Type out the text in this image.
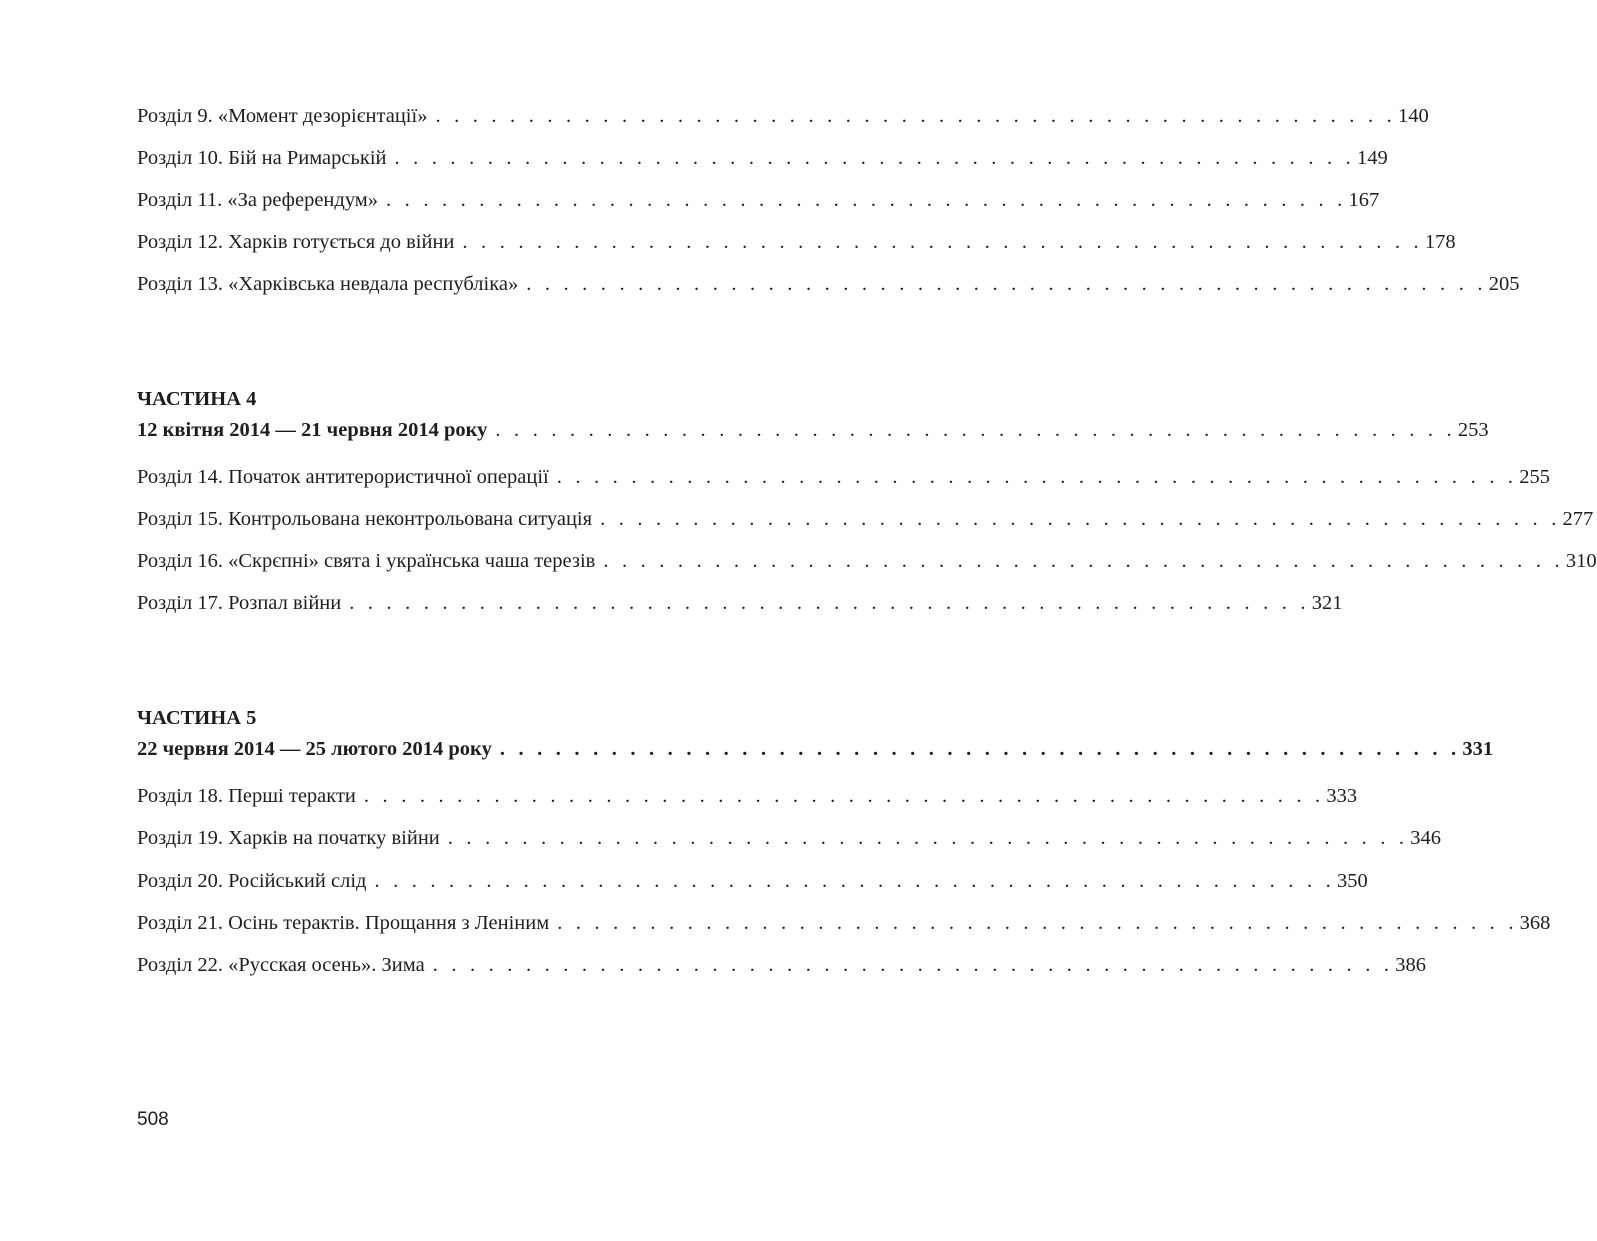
Розділ 9. «Момент дезорієнтації» . . . . . . . . . . . . . . . . . . . . . . . . . . . . . . . . . . . . . . . . . . . . . . . . . . . . 140
Розділ 10. Бій на Римарській . . . . . . . . . . . . . . . . . . . . . . . . . . . . . . . . . . . . . . . . . . . . . . . . . . . . 149
Розділ 11. «За референдум» . . . . . . . . . . . . . . . . . . . . . . . . . . . . . . . . . . . . . . . . . . . . . . . . . . . . 167
Розділ 12. Харків готується до війни . . . . . . . . . . . . . . . . . . . . . . . . . . . . . . . . . . . . . . . . . . . . . . . . . . . . 178
Розділ 13. «Харківська невдала республіка» . . . . . . . . . . . . . . . . . . . . . . . . . . . . . . . . . . . . . . . . . . . . . . . . . . . . 205
ЧАСТИНА 4
12 квітня 2014 — 21 червня 2014 року . . . . . . . . . . . . . . . . . . . . . . . . . . . . . . . . . . . . . . . . . . . . . . . . . . . . 253
Розділ 14. Початок антитерористичної операції . . . . . . . . . . . . . . . . . . . . . . . . . . . . . . . . . . . . . . . . . . . . . . . . . . . . 255
Розділ 15. Контрольована неконтрольована ситуація . . . . . . . . . . . . . . . . . . . . . . . . . . . . . . . . . . . . . . . . . . . . . . . . . . . . 277
Розділ 16. «Скрєпні» свята і українська чаша терезів . . . . . . . . . . . . . . . . . . . . . . . . . . . . . . . . . . . . . . . . . . . . . . . . . . . . 310
Розділ 17. Розпал війни . . . . . . . . . . . . . . . . . . . . . . . . . . . . . . . . . . . . . . . . . . . . . . . . . . . . 321
ЧАСТИНА 5
22 червня 2014 — 25 лютого 2014 року . . . . . . . . . . . . . . . . . . . . . . . . . . . . . . . . . . . . . . . . . . . . . . . . . . . . 331
Розділ 18. Перші теракти . . . . . . . . . . . . . . . . . . . . . . . . . . . . . . . . . . . . . . . . . . . . . . . . . . . . 333
Розділ 19. Харків на початку війни . . . . . . . . . . . . . . . . . . . . . . . . . . . . . . . . . . . . . . . . . . . . . . . . . . . . 346
Розділ 20. Російський слід . . . . . . . . . . . . . . . . . . . . . . . . . . . . . . . . . . . . . . . . . . . . . . . . . . . . 350
Розділ 21. Осінь терактів. Прощання з Леніним . . . . . . . . . . . . . . . . . . . . . . . . . . . . . . . . . . . . . . . . . . . . . . . . . . . . 368
Розділ 22. «Русская осень». Зима . . . . . . . . . . . . . . . . . . . . . . . . . . . . . . . . . . . . . . . . . . . . . . . . . . . . 386
508
